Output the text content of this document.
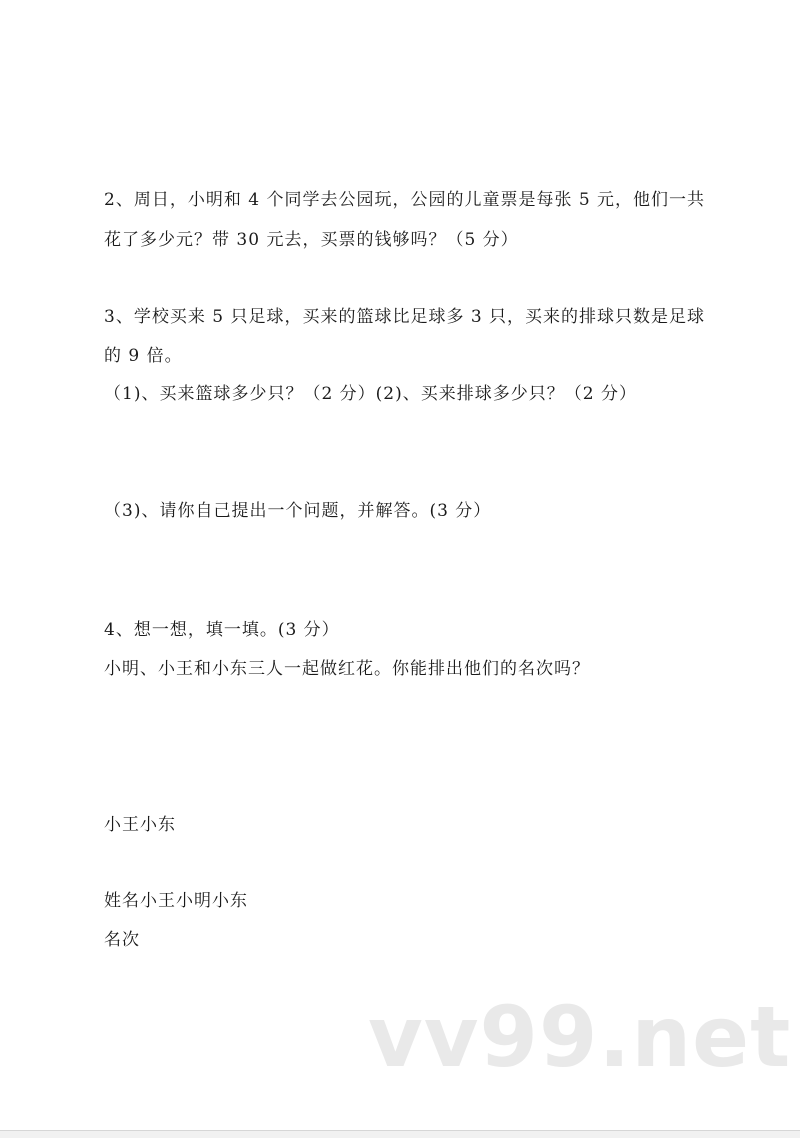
2、周日，小明和 4 个同学去公园玩，公园的儿童票是每张 5 元，他们一共
花了多少元？带 30 元去，买票的钱够吗？（5 分）
3、学校买来 5 只足球，买来的篮球比足球多 3 只，买来的排球只数是足球
的 9 倍。
（1)、买来篮球多少只？（2 分）(2)、买来排球多少只？（2 分）
（3)、请你自己提出一个问题，并解答。(3 分）
4、想一想，填一填。(3 分）
小明、小王和小东三人一起做红花。你能排出他们的名次吗？
小王小东
姓名小王小明小东
名次
vv99.net
